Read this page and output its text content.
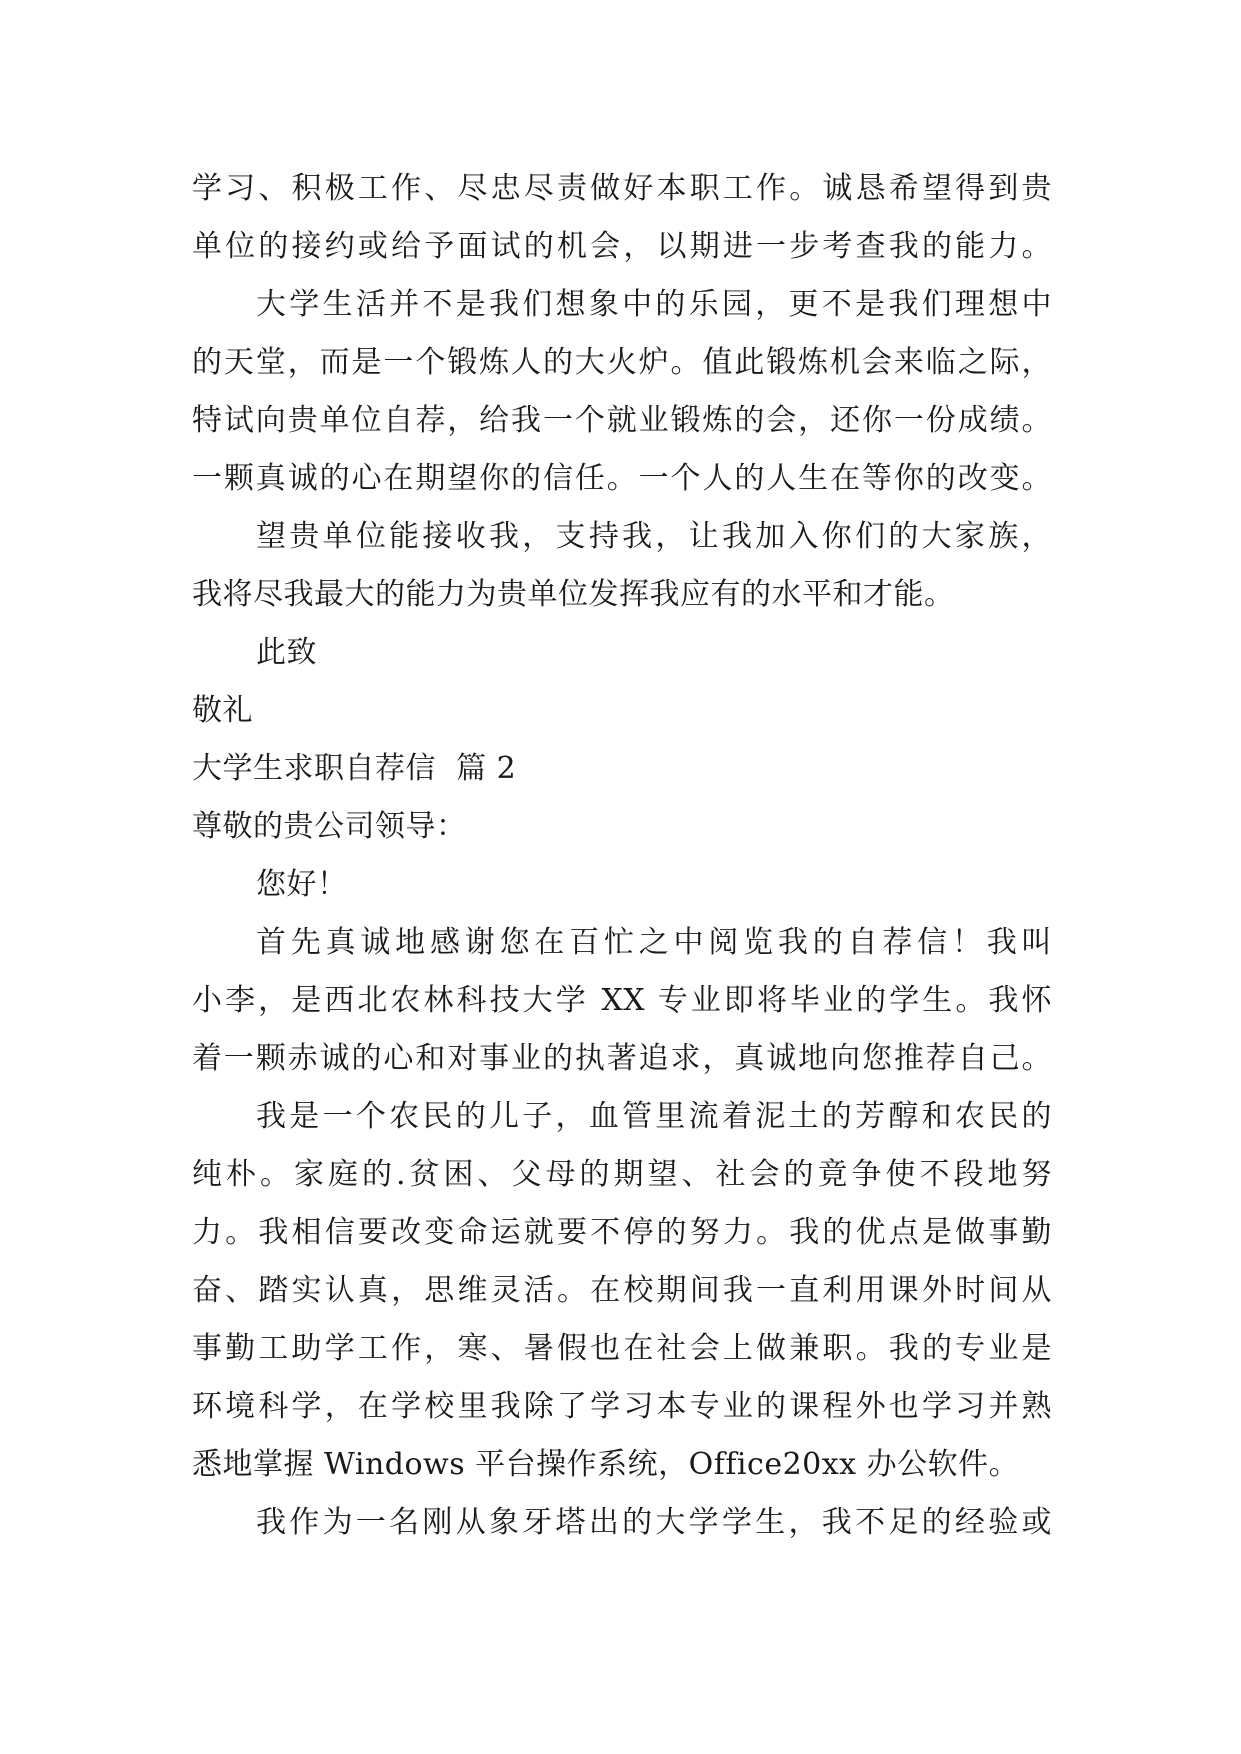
学习、积极工作、尽忠尽责做好本职工作。诚恳希望得到贵
单位的接约或给予面试的机会，以期进一步考查我的能力。
大学生活并不是我们想象中的乐园，更不是我们理想中
的天堂，而是一个锻炼人的大火炉。值此锻炼机会来临之际，
特试向贵单位自荐，给我一个就业锻炼的会，还你一份成绩。
一颗真诚的心在期望你的信任。一个人的人生在等你的改变。
望贵单位能接收我，支持我，让我加入你们的大家族，
我将尽我最大的能力为贵单位发挥我应有的水平和才能。
此致
敬礼
大学生求职自荐信  篇 2
尊敬的贵公司领导：
您好！
首先真诚地感谢您在百忙之中阅览我的自荐信！我叫
小李，是西北农林科技大学 XX 专业即将毕业的学生。我怀
着一颗赤诚的心和对事业的执著追求，真诚地向您推荐自己。
我是一个农民的儿子，血管里流着泥土的芳醇和农民的
纯朴。家庭的.贫困、父母的期望、社会的竟争使不段地努
力。我相信要改变命运就要不停的努力。我的优点是做事勤
奋、踏实认真，思维灵活。在校期间我一直利用课外时间从
事勤工助学工作，寒、暑假也在社会上做兼职。我的专业是
环境科学，在学校里我除了学习本专业的课程外也学习并熟
悉地掌握 Windows 平台操作系统，Office20xx 办公软件。
我作为一名刚从象牙塔出的大学学生，我不足的经验或
